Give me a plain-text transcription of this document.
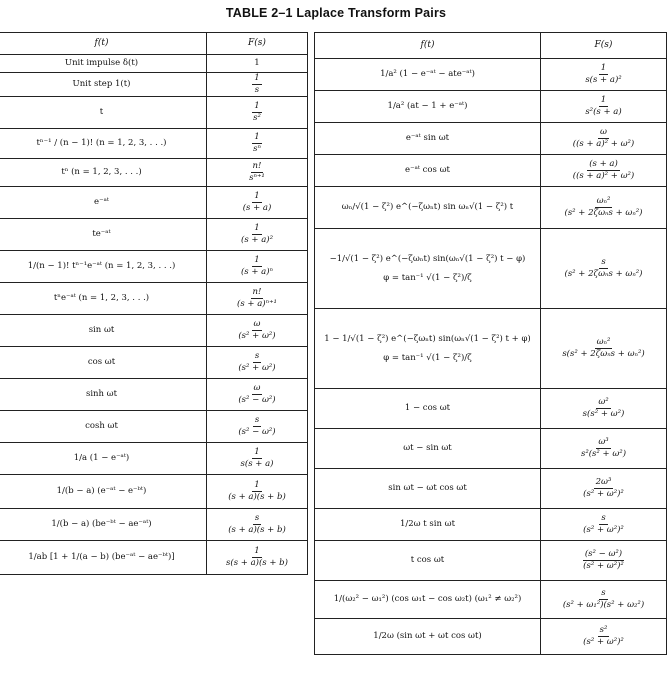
TABLE 2–1 Laplace Transform Pairs
f(t)	F(s)
Unit impulse δ(t)	1
Unit step 1(t)	$\frac{1}{s}$

t	$\frac{1}{\text{s²}}$

tⁿ⁻¹ / (n − 1)! (n = 1, 2, 3, . . .)	$\frac{1}{\text{sⁿ}}$

tⁿ (n = 1, 2, 3, . . .)	$\frac{n!}{\text{sⁿ⁺¹}}$

e⁻ᵃᵗ	$\frac{1}{(s + a)}$

te⁻ᵃᵗ	$\frac{1}{\text{(s + a)²}}$

1/(n − 1)! tⁿ⁻¹e⁻ᵃᵗ (n = 1, 2, 3, . . .)	$\frac{1}{\text{(s + a)ⁿ}}$

tⁿe⁻ᵃᵗ (n = 1, 2, 3, . . .)	$\frac{n!}{\text{(s + a)ⁿ⁺¹}}$

sin ωt	$\frac{\omega}{\text{(s² + ω²)}}$

cos ωt	$\frac{s}{\text{(s² + ω²)}}$

sinh ωt	$\frac{\omega}{\text{(s² − ω²)}}$

cosh ωt	$\frac{s}{\text{(s² − ω²)}}$

1/a (1 − e⁻ᵃᵗ)	$\frac{1}{s(s + a)}$

1/(b − a) (e⁻ᵃᵗ − e⁻ᵇᵗ)	$\frac{1}{(s + a)(s + b)}$

1/(b − a) (be⁻ᵇᵗ − ae⁻ᵃᵗ)	$\frac{s}{(s + a)(s + b)}$

1/ab [1 + 1/(a − b) (be⁻ᵃᵗ − ae⁻ᵇᵗ)]	$\frac{1}{s(s + a)(s + b)}$
f(t)	F(s)
1/a² (1 − e⁻ᵃᵗ − ate⁻ᵃᵗ)	$\frac{1}{\text{s(s + a)²}}$

1/a² (at − 1 + e⁻ᵃᵗ)	$\frac{1}{\text{s²(s + a)}}$

e⁻ᵃᵗ sin ωt	$\frac{\omega}{\text{((s + a)² + ω²)}}$

e⁻ᵃᵗ cos ωt	$\frac{(s + a)}{\text{((s + a)² + ω²)}}$

ωₙ/√(1 − ζ²) e^(−ζωₙt) sin ωₙ√(1 − ζ²) t	$\frac{\text{ωₙ²}}{\text{(s² + 2ζωₙs + ωₙ²)}}$

−1/√(1 − ζ²) e^(−ζωₙt) sin(ωₙ√(1 − ζ²) t − φ)
φ = tan⁻¹ √(1 − ζ²)/ζ	$\frac{s}{\text{(s² + 2ζωₙs + ωₙ²)}}$

1 − 1/√(1 − ζ²) e^(−ζωₙt) sin(ωₙ√(1 − ζ²) t + φ)
φ = tan⁻¹ √(1 − ζ²)/ζ	$\frac{\text{ωₙ²}}{\text{s(s² + 2ζωₙs + ωₙ²)}}$

1 − cos ωt	$\frac{\text{ω²}}{\text{s(s² + ω²)}}$

ωt − sin ωt	$\frac{\text{ω³}}{\text{s²(s² + ω²)}}$

sin ωt − ωt cos ωt	$\frac{\text{2ω³}}{\text{(s² + ω²)²}}$

1/2ω t sin ωt	$\frac{s}{\text{(s² + ω²)²}}$

t cos ωt	$\frac{\text{(s² − ω²)}}{\text{(s² + ω²)²}}$

1/(ω₂² − ω₁²) (cos ω₁t − cos ω₂t) (ω₁² ≠ ω₂²)	$\frac{s}{\text{(s² + ω₁²)(s² + ω₂²)}}$

1/2ω (sin ωt + ωt cos ωt)	$\frac{\text{s²}}{\text{(s² + ω²)²}}$
